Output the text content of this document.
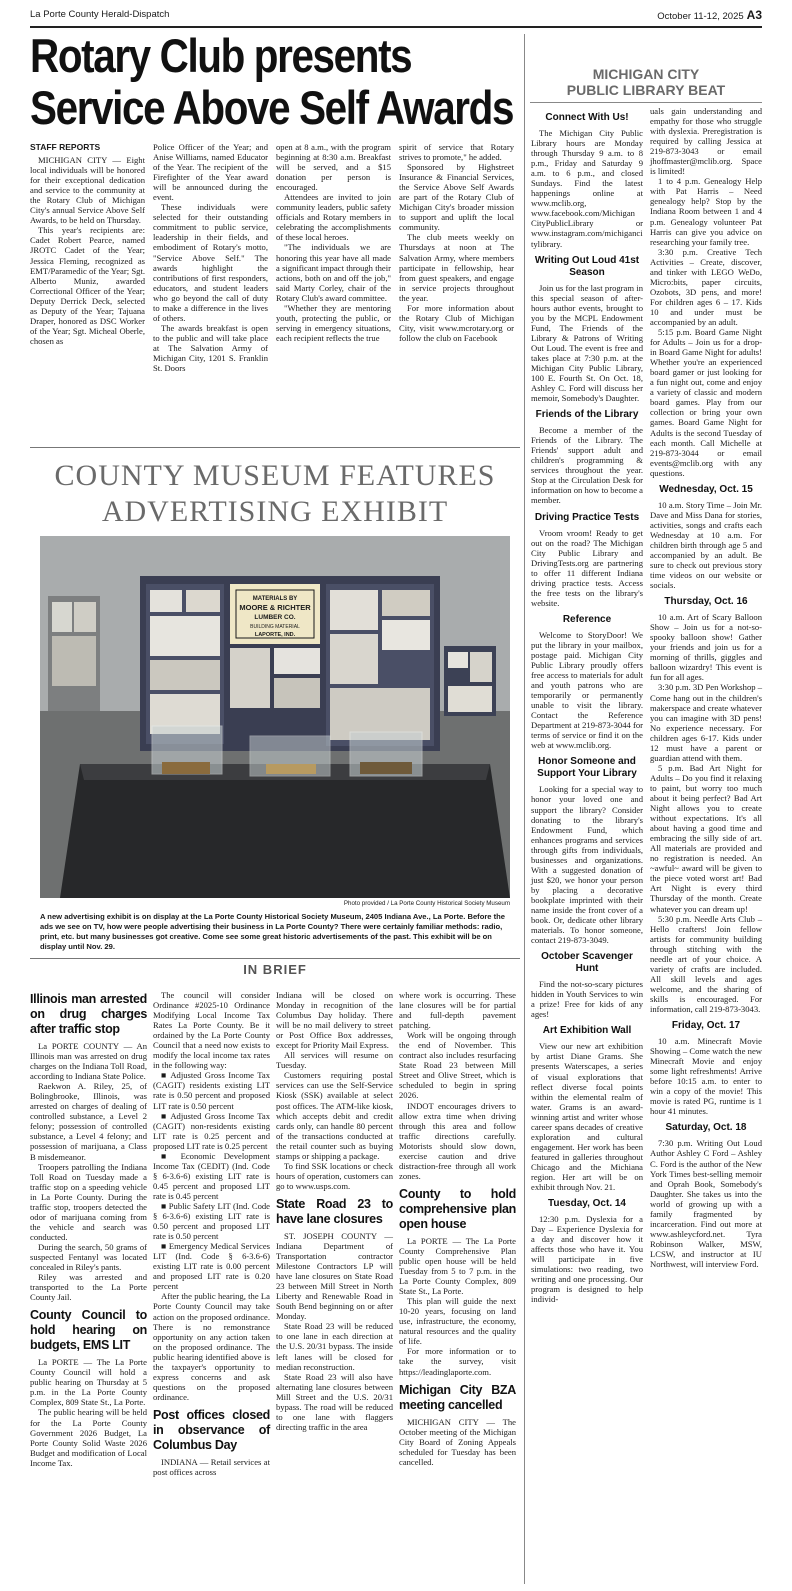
La Porte County Herald-Dispatch	October 11-12, 2025 A3
Rotary Club presents
Service Above Self Awards
STAFF REPORTS

MICHIGAN CITY — Eight local individuals will be honored for their exceptional dedication and service to the community at the Rotary Club of Michigan City's annual Service Above Self Awards, to be held on Thursday.

This year's recipients are: Cadet Robert Pearce, named JROTC Cadet of the Year; Jessica Fleming, recognized as EMT/Paramedic of the Year; Sgt. Alberto Muniz, awarded Correctional Officer of the Year; Deputy Derrick Deck, selected as Deputy of the Year; Tajuana Draper, honored as DSC Worker of the Year; Sgt. Micheal Oberle, chosen as

Police Officer of the Year; and Anise Williams, named Educator of the Year. The recipient of the Firefighter of the Year award will be announced during the event.

These individuals were selected for their outstanding commitment to public service, leadership in their fields, and embodiment of Rotary's motto, "Service Above Self." The awards highlight the contributions of first responders, educators, and student leaders who go beyond the call of duty to make a difference in the lives of others.

The awards breakfast is open to the public and will take place at The Salvation Army of Michigan City, 1201 S. Franklin St. Doors

open at 8 a.m., with the program beginning at 8:30 a.m. Breakfast will be served, and a $15 donation per person is encouraged.

Attendees are invited to join community leaders, public safety officials and Rotary members in celebrating the accomplishments of these local heroes.

"The individuals we are honoring this year have all made a significant impact through their actions, both on and off the job," said Marty Corley, chair of the Rotary Club's award committee.

"Whether they are mentoring youth, protecting the public, or serving in emergency situations, each recipient reflects the true

spirit of service that Rotary strives to promote," he added.

Sponsored by Highstreet Insurance & Financial Services, the Service Above Self Awards are part of the Rotary Club of Michigan City's broader mission to support and uplift the local community.

The club meets weekly on Thursdays at noon at The Salvation Army, where members participate in fellowship, hear from guest speakers, and engage in service projects throughout the year.

For more information about the Rotary Club of Michigan City, visit www.mcrotary.org or follow the club on Facebook

COUNTY MUSEUM FEATURES
ADVERTISING EXHIBIT
MATERIALS BY
MOORE & RICHTER
LUMBER CO.
BUILDING MATERIAL
LAPORTE, IND.
Photo provided / La Porte County Historical Society Museum
A new advertising exhibit is on display at the La Porte County Historical Society Museum, 2405 Indiana Ave., La Porte. Before the ads we see on TV, how were people advertising their business in La Porte County? There were certainly familiar methods: radio, print, etc. but many businesses got creative. Come see some great historic advertisements of the past. This exhibit will be on display until Nov. 29.
IN BRIEF
Illinois man arrested on drug charges after traffic stop

La PORTE COUNTY — An Illinois man was arrested on drug charges on the Indiana Toll Road, according to Indiana State Police.

Raekwon A. Riley, 25, of Bolingbrooke, Illinois, was arrested on charges of dealing of controlled substance, a Level 2 felony; possession of controlled substance, a Level 4 felony; and possession of marijuana, a Class B misdemeanor.

Troopers patrolling the Indiana Toll Road on Tuesday made a traffic stop on a speeding vehicle in La Porte County. During the traffic stop, troopers detected the odor of marijuana coming from the vehicle and search was conducted.

During the search, 50 grams of suspected Fentanyl was located concealed in Riley's pants.

Riley was arrested and transported to the La Porte County Jail.

County Council to hold hearing on budgets, EMS LIT

La PORTE — The La Porte County Council will hold a public hearing on Thursday at 5 p.m. in the La Porte County Complex, 809 State St., La Porte.

The public hearing will be held for the La Porte County Government 2026 Budget, La Porte County Solid Waste 2026 Budget and modification of Local Income Tax.

The council will consider Ordinance #2025-10 Ordinance Modifying Local Income Tax Rates La Porte County. Be it ordained by the La Porte County Council that a need now exists to modify the local income tax rates in the following way:

■ Adjusted Gross Income Tax (CAGIT) residents existing LIT rate is 0.50 percent and proposed LIT rate is 0.50 percent

■ Adjusted Gross Income Tax (CAGIT) non-residents existing LIT rate is 0.25 percent and proposed LIT rate is 0.25 percent

■ Economic Development Income Tax (CEDIT) (Ind. Code § 6-3.6-6) existing LIT rate is 0.45 percent and proposed LIT rate is 0.45 percent

■ Public Safety LIT (Ind. Code § 6-3.6-6) existing LIT rate is 0.50 percent and proposed LIT rate is 0.50 percent

■ Emergency Medical Services LIT (Ind. Code § 6-3.6-6) existing LIT rate is 0.00 percent and proposed LIT rate is 0.20 percent

After the public hearing, the La Porte County Council may take action on the proposed ordinance. There is no remonstrance opportunity on any action taken on the proposed ordinance. The public hearing identified above is the taxpayer's opportunity to express concerns and ask questions on the proposed ordinance.

Post offices closed in observance of Columbus Day

INDIANA — Retail services at post offices across

Indiana will be closed on Monday in recognition of the Columbus Day holiday. There will be no mail delivery to street or Post Office Box addresses, except for Priority Mail Express.

All services will resume on Tuesday.

Customers requiring postal services can use the Self-Service Kiosk (SSK) available at select post offices. The ATM-like kiosk, which accepts debit and credit cards only, can handle 80 percent of the transactions conducted at the retail counter such as buying stamps or shipping a package.

To find SSK locations or check hours of operation, customers can go to www.usps.com.

State Road 23 to have lane closures

ST. JOSEPH COUNTY — Indiana Department of Transportation contractor Milestone Contractors LP will have lane closures on State Road 23 between Mill Street in North Liberty and Renewable Road in South Bend beginning on or after Monday.

State Road 23 will be reduced to one lane in each direction at the U.S. 20/31 bypass. The inside left lanes will be closed for median reconstruction.

State Road 23 will also have alternating lane closures between Mill Street and the U.S. 20/31 bypass. The road will be reduced to one lane with flaggers directing traffic in the area

where work is occurring. These lane closures will be for partial and full-depth pavement patching.

Work will be ongoing through the end of November. This contract also includes resurfacing State Road 23 between Mill Street and Olive Street, which is scheduled to begin in spring 2026.

INDOT encourages drivers to allow extra time when driving through this area and follow traffic directions carefully. Motorists should slow down, exercise caution and drive distraction-free through all work zones.

County to hold comprehensive plan open house

La PORTE — The La Porte County Comprehensive Plan public open house will be held Tuesday from 5 to 7 p.m. in the La Porte County Complex, 809 State St., La Porte.

This plan will guide the next 10-20 years, focusing on land use, infrastructure, the economy, natural resources and the quality of life.

For more information or to take the survey, visit https://leadinglaporte.com.

Michigan City BZA meeting cancelled

MICHIGAN CITY — The October meeting of the Michigan City Board of Zoning Appeals scheduled for Tuesday has been cancelled.

MICHIGAN CITY
PUBLIC LIBRARY BEAT
Connect With Us!

The Michigan City Public Library hours are Monday through Thursday 9 a.m. to 8 p.m., Friday and Saturday 9 a.m. to 6 p.m., and closed Sundays. Find the latest happenings online at www.mclib.org, www.facebook.com/Michigan CityPublicLibrary or www.instagram.com/michigancitylibrary.

Writing Out Loud 41st Season

Join us for the last program in this special season of after-hours author events, brought to you by the MCPL Endowment Fund, The Friends of the Library & Patrons of Writing Out Loud. The event is free and takes place at 7:30 p.m. at the Michigan City Public Library, 100 E. Fourth St. On Oct. 18, Ashley C. Ford will discuss her memoir, Somebody's Daughter.

Friends of the Library

Become a member of the Friends of the Library. The Friends' support adult and children's programming & services throughout the year. Stop at the Circulation Desk for information on how to become a member.

Driving Practice Tests

Vroom vroom! Ready to get out on the road? The Michigan City Public Library and DrivingTests.org are partnering to offer 11 different Indiana driving practice tests. Access the free tests on the library's website.

Reference

Welcome to StoryDoor! We put the library in your mailbox, postage paid. Michigan City Public Library proudly offers free access to materials for adult and youth patrons who are temporarily or permanently unable to visit the library. Contact the Reference Department at 219-873-3044 for terms of service or find it on the web at www.mclib.org.

Honor Someone and Support Your Library

Looking for a special way to honor your loved one and support the library? Consider donating to the library's Endowment Fund, which enhances programs and services through gifts from individuals, businesses and organizations. With a suggested donation of just $20, we honor your person by placing a decorative bookplate imprinted with their name inside the front cover of a book. Or, dedicate other library materials. To honor someone, contact 219-873-3049.

October Scavenger Hunt

Find the not-so-scary pictures hidden in Youth Services to win a prize! Free for kids of any ages!

Art Exhibition Wall

View our new art exhibition by artist Diane Grams. She presents Waterscapes, a series of visual explorations that reflect diverse focal points within the elemental realm of water. Grams is an award-winning artist and writer whose career spans decades of creative exploration and cultural engagement. Her work has been featured in galleries throughout Chicago and the Michiana region. Her art will be on exhibit through Nov. 21.

Tuesday, Oct. 14

12:30 p.m. Dyslexia for a Day – Experience Dyslexia for a day and discover how it affects those who have it. You will participate in five simulations: two reading, two writing and one processing. Our program is designed to help individ-

uals gain understanding and empathy for those who struggle with dyslexia. Preregistration is required by calling Jessica at 219-873-3043 or email jhoffmaster@mclib.org. Space is limited!

1 to 4 p.m. Genealogy Help with Pat Harris – Need genealogy help? Stop by the Indiana Room between 1 and 4 p.m. Genealogy volunteer Pat Harris can give you advice on researching your family tree.

3:30 p.m. Creative Tech Activities – Create, discover, and tinker with LEGO WeDo, Micro:bits, paper circuits, Ozobots, 3D pens, and more! For children ages 6 – 17. Kids 10 and under must be accompanied by an adult.

5:15 p.m. Board Game Night for Adults – Join us for a drop-in Board Game Night for adults! Whether you're an experienced board gamer or just looking for a fun night out, come and enjoy a variety of classic and modern board games. Play from our collection or bring your own games. Board Game Night for Adults is the second Tuesday of each month. Call Michelle at 219-873-3044 or email events@mclib.org with any questions.

Wednesday, Oct. 15

10 a.m. Story Time – Join Mr. Dave and Miss Dana for stories, activities, songs and crafts each Wednesday at 10 a.m. For children birth through age 5 and accompanied by an adult. Be sure to check out previous story time videos on our website or socials.

Thursday, Oct. 16

10 a.m. Art of Scary Balloon Show – Join us for a not-so-spooky balloon show! Gather your friends and join us for a morning of thrills, giggles and balloon wizardry! This event is fun for all ages.

3:30 p.m. 3D Pen Workshop – Come hang out in the children's makerspace and create whatever you can imagine with 3D pens! No experience necessary. For children ages 6-17. Kids under 12 must have a parent or guardian attend with them.

5 p.m. Bad Art Night for Adults – Do you find it relaxing to paint, but worry too much about it being perfect? Bad Art Night allows you to create without expectations. It's all about having a good time and embracing the silly side of art. All materials are provided and no registration is needed. An ~awful~ award will be given to the piece voted worst art! Bad Art Night is every third Thursday of the month. Create whatever you can dream up!

5:30 p.m. Needle Arts Club – Hello crafters! Join fellow artists for community building through stitching with the needle art of your choice. A variety of crafts are included. All skill levels and ages welcome, and the sharing of skills is encouraged. For information, call 219-873-3043.

Friday, Oct. 17

10 a.m. Minecraft Movie Showing – Come watch the new Minecraft Movie and enjoy some light refreshments! Arrive before 10:15 a.m. to enter to win a copy of the movie! This movie is rated PG, runtime is 1 hour 41 minutes.

Saturday, Oct. 18

7:30 p.m. Writing Out Loud Author Ashley C Ford – Ashley C. Ford is the author of the New York Times best-selling memoir and Oprah Book, Somebody's Daughter. She takes us into the world of growing up with a family fragmented by incarceration. Find out more at www.ashleycford.net. Tyra Robinson Walker, MSW, LCSW, and instructor at IU Northwest, will interview Ford.
